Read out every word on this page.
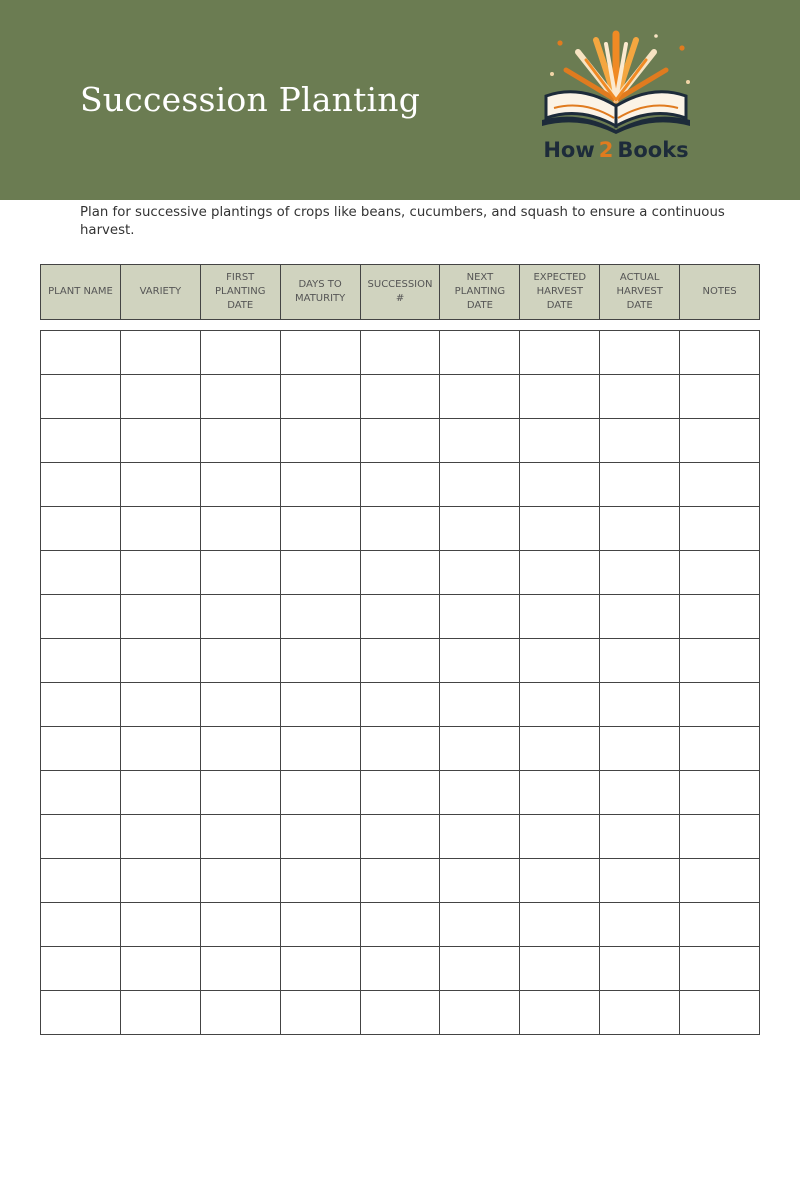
Succession Planting
How 2 Books

Plan for successive plantings of crops like beans, cucumbers, and squash to ensure a continuous harvest.

PLANT NAME	VARIETY
FIRST
PLANTING
DATE
DAYS TO
MATURITY
SUCCESSION
#
NEXT
PLANTING
DATE
EXPECTED
HARVEST
DATE
ACTUAL
HARVEST
DATE
NOTES
